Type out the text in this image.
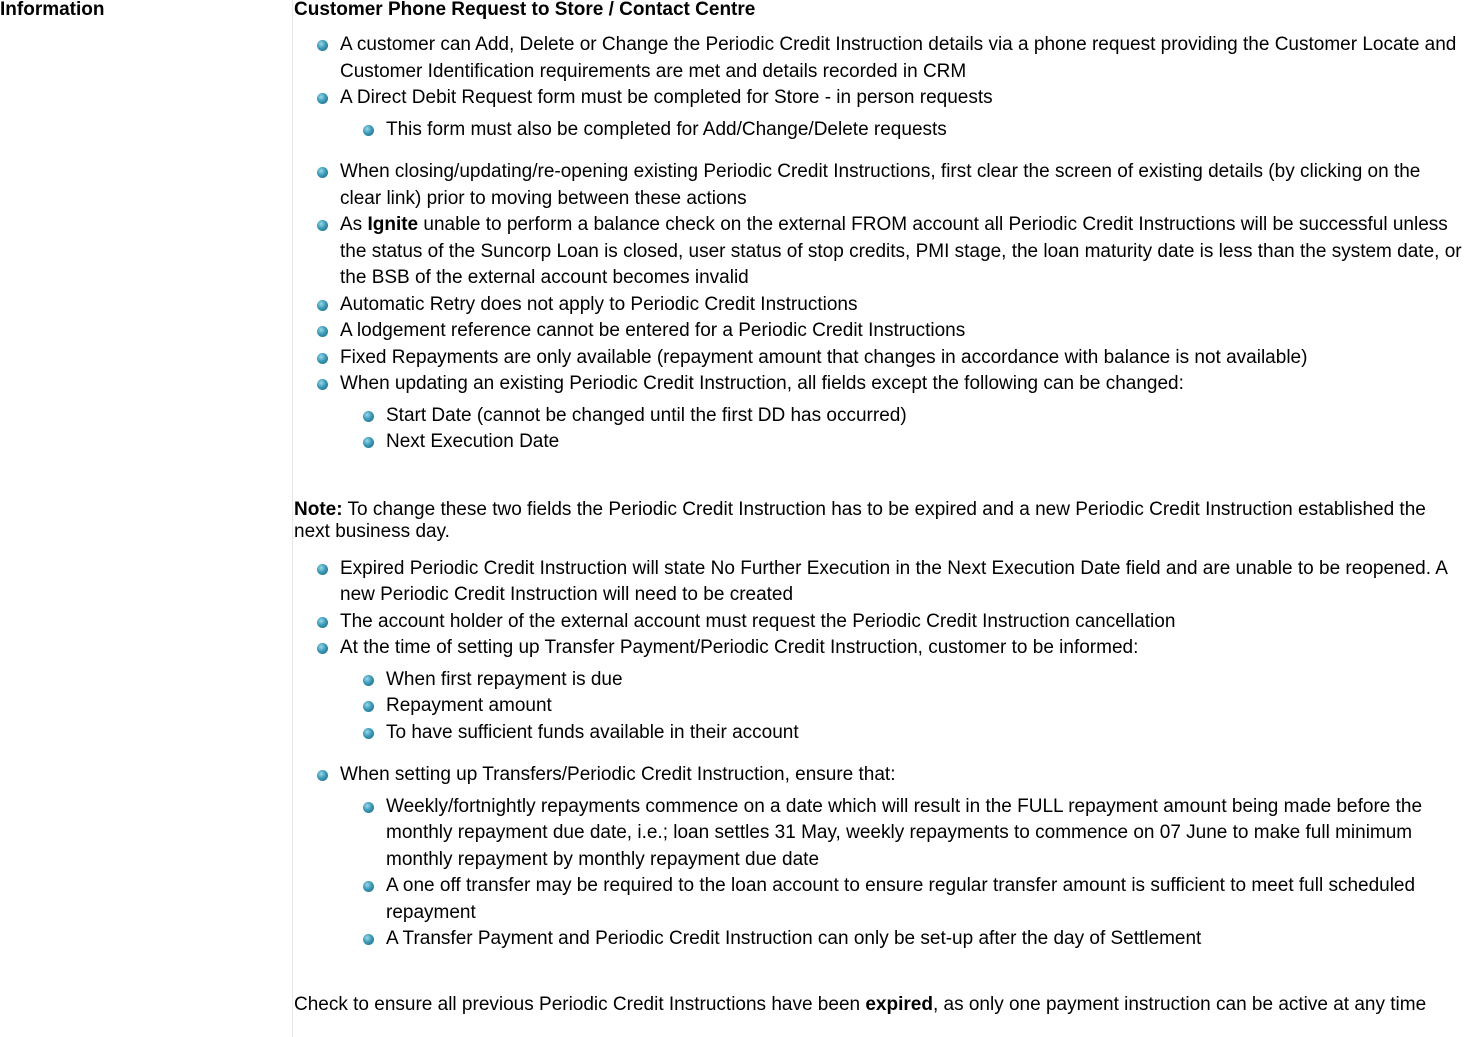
Information	Customer Phone Request to Store / Contact Centre
A customer can Add, Delete or Change the Periodic Credit Instruction details via a phone request providing the Customer Locate and Customer Identification requirements are met and details recorded in CRM
A Direct Debit Request form must be completed for Store - in person requests
This form must also be completed for Add/Change/Delete requests
When closing/updating/re-opening existing Periodic Credit Instructions, first clear the screen of existing details (by clicking on the clear link) prior to moving between these actions
As Ignite unable to perform a balance check on the external FROM account all Periodic Credit Instructions will be successful unless the status of the Suncorp Loan is closed, user status of stop credits, PMI stage, the loan maturity date is less than the system date, or the BSB of the external account becomes invalid
Automatic Retry does not apply to Periodic Credit Instructions
A lodgement reference cannot be entered for a Periodic Credit Instructions
Fixed Repayments are only available (repayment amount that changes in accordance with balance is not available)
When updating an existing Periodic Credit Instruction, all fields except the following can be changed:
Start Date (cannot be changed until the first DD has occurred)
Next Execution Date

Note: To change these two fields the Periodic Credit Instruction has to be expired and a new Periodic Credit Instruction established the next business day.

Expired Periodic Credit Instruction will state No Further Execution in the Next Execution Date field and are unable to be reopened. A new Periodic Credit Instruction will need to be created
The account holder of the external account must request the Periodic Credit Instruction cancellation
At the time of setting up Transfer Payment/Periodic Credit Instruction, customer to be informed:
When first repayment is due
Repayment amount
To have sufficient funds available in their account
When setting up Transfers/Periodic Credit Instruction, ensure that:
Weekly/fortnightly repayments commence on a date which will result in the FULL repayment amount being made before the monthly repayment due date, i.e.; loan settles 31 May, weekly repayments to commence on 07 June to make full minimum monthly repayment by monthly repayment due date
A one off transfer may be required to the loan account to ensure regular transfer amount is sufficient to meet full scheduled repayment
A Transfer Payment and Periodic Credit Instruction can only be set-up after the day of Settlement

Check to ensure all previous Periodic Credit Instructions have been expired, as only one payment instruction can be active at any time
